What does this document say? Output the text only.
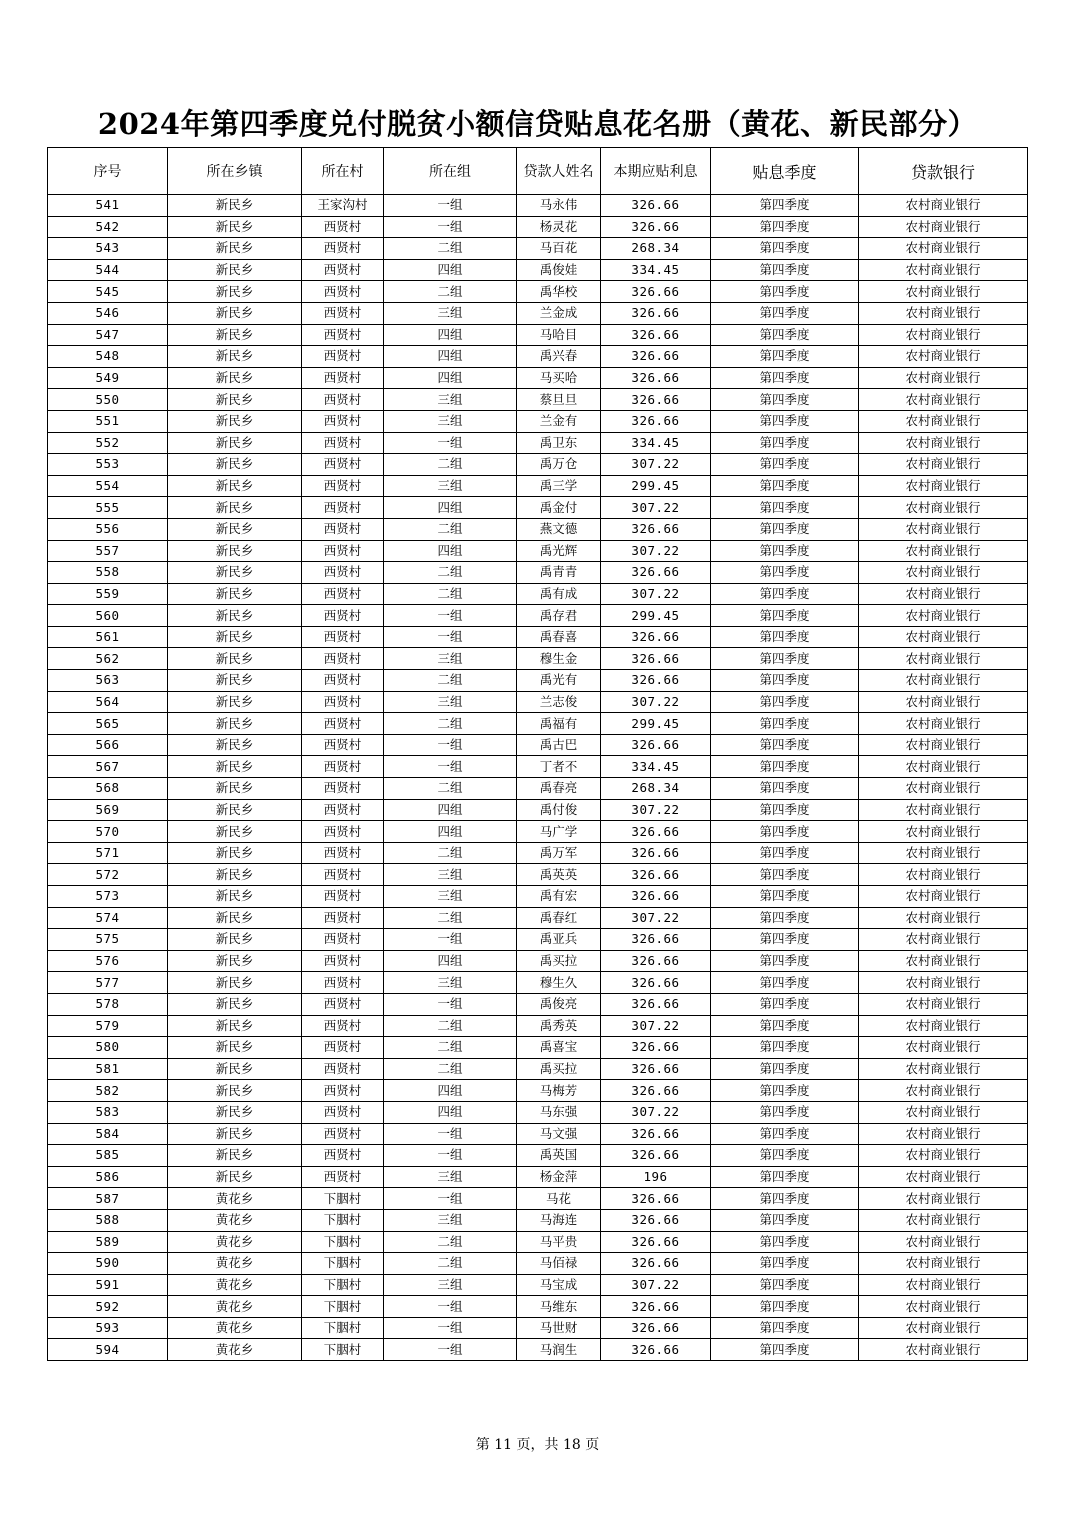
2024年第四季度兑付脱贫小额信贷贴息花名册（黄花、新民部分）
序号	所在乡镇	所在村	所在组	贷款人姓名	本期应贴利息	贴息季度	贷款银行
541	新民乡	王家沟村	一组	马永伟	326.66	第四季度	农村商业银行
542	新民乡	西贤村	一组	杨灵花	326.66	第四季度	农村商业银行
543	新民乡	西贤村	二组	马百花	268.34	第四季度	农村商业银行
544	新民乡	西贤村	四组	禹俊娃	334.45	第四季度	农村商业银行
545	新民乡	西贤村	二组	禹华校	326.66	第四季度	农村商业银行
546	新民乡	西贤村	三组	兰金成	326.66	第四季度	农村商业银行
547	新民乡	西贤村	四组	马哈目	326.66	第四季度	农村商业银行
548	新民乡	西贤村	四组	禹兴春	326.66	第四季度	农村商业银行
549	新民乡	西贤村	四组	马买哈	326.66	第四季度	农村商业银行
550	新民乡	西贤村	三组	蔡旦旦	326.66	第四季度	农村商业银行
551	新民乡	西贤村	三组	兰金有	326.66	第四季度	农村商业银行
552	新民乡	西贤村	一组	禹卫东	334.45	第四季度	农村商业银行
553	新民乡	西贤村	二组	禹万仓	307.22	第四季度	农村商业银行
554	新民乡	西贤村	三组	禹三学	299.45	第四季度	农村商业银行
555	新民乡	西贤村	四组	禹金付	307.22	第四季度	农村商业银行
556	新民乡	西贤村	二组	燕文德	326.66	第四季度	农村商业银行
557	新民乡	西贤村	四组	禹光辉	307.22	第四季度	农村商业银行
558	新民乡	西贤村	二组	禹青青	326.66	第四季度	农村商业银行
559	新民乡	西贤村	二组	禹有成	307.22	第四季度	农村商业银行
560	新民乡	西贤村	一组	禹存君	299.45	第四季度	农村商业银行
561	新民乡	西贤村	一组	禹春喜	326.66	第四季度	农村商业银行
562	新民乡	西贤村	三组	穆生金	326.66	第四季度	农村商业银行
563	新民乡	西贤村	二组	禹光有	326.66	第四季度	农村商业银行
564	新民乡	西贤村	三组	兰志俊	307.22	第四季度	农村商业银行
565	新民乡	西贤村	二组	禹福有	299.45	第四季度	农村商业银行
566	新民乡	西贤村	一组	禹古巴	326.66	第四季度	农村商业银行
567	新民乡	西贤村	一组	丁者不	334.45	第四季度	农村商业银行
568	新民乡	西贤村	二组	禹春亮	268.34	第四季度	农村商业银行
569	新民乡	西贤村	四组	禹付俊	307.22	第四季度	农村商业银行
570	新民乡	西贤村	四组	马广学	326.66	第四季度	农村商业银行
571	新民乡	西贤村	二组	禹万军	326.66	第四季度	农村商业银行
572	新民乡	西贤村	三组	禹英英	326.66	第四季度	农村商业银行
573	新民乡	西贤村	三组	禹有宏	326.66	第四季度	农村商业银行
574	新民乡	西贤村	二组	禹春红	307.22	第四季度	农村商业银行
575	新民乡	西贤村	一组	禹亚兵	326.66	第四季度	农村商业银行
576	新民乡	西贤村	四组	禹买拉	326.66	第四季度	农村商业银行
577	新民乡	西贤村	三组	穆生久	326.66	第四季度	农村商业银行
578	新民乡	西贤村	一组	禹俊亮	326.66	第四季度	农村商业银行
579	新民乡	西贤村	二组	禹秀英	307.22	第四季度	农村商业银行
580	新民乡	西贤村	二组	禹喜宝	326.66	第四季度	农村商业银行
581	新民乡	西贤村	二组	禹买拉	326.66	第四季度	农村商业银行
582	新民乡	西贤村	四组	马梅芳	326.66	第四季度	农村商业银行
583	新民乡	西贤村	四组	马东强	307.22	第四季度	农村商业银行
584	新民乡	西贤村	一组	马文强	326.66	第四季度	农村商业银行
585	新民乡	西贤村	一组	禹英国	326.66	第四季度	农村商业银行
586	新民乡	西贤村	三组	杨金萍	196	第四季度	农村商业银行
587	黄花乡	下胭村	一组	马花	326.66	第四季度	农村商业银行
588	黄花乡	下胭村	三组	马海连	326.66	第四季度	农村商业银行
589	黄花乡	下胭村	二组	马平贵	326.66	第四季度	农村商业银行
590	黄花乡	下胭村	二组	马佰禄	326.66	第四季度	农村商业银行
591	黄花乡	下胭村	三组	马宝成	307.22	第四季度	农村商业银行
592	黄花乡	下胭村	一组	马维东	326.66	第四季度	农村商业银行
593	黄花乡	下胭村	一组	马世财	326.66	第四季度	农村商业银行
594	黄花乡	下胭村	一组	马润生	326.66	第四季度	农村商业银行
第 11 页，共 18 页
